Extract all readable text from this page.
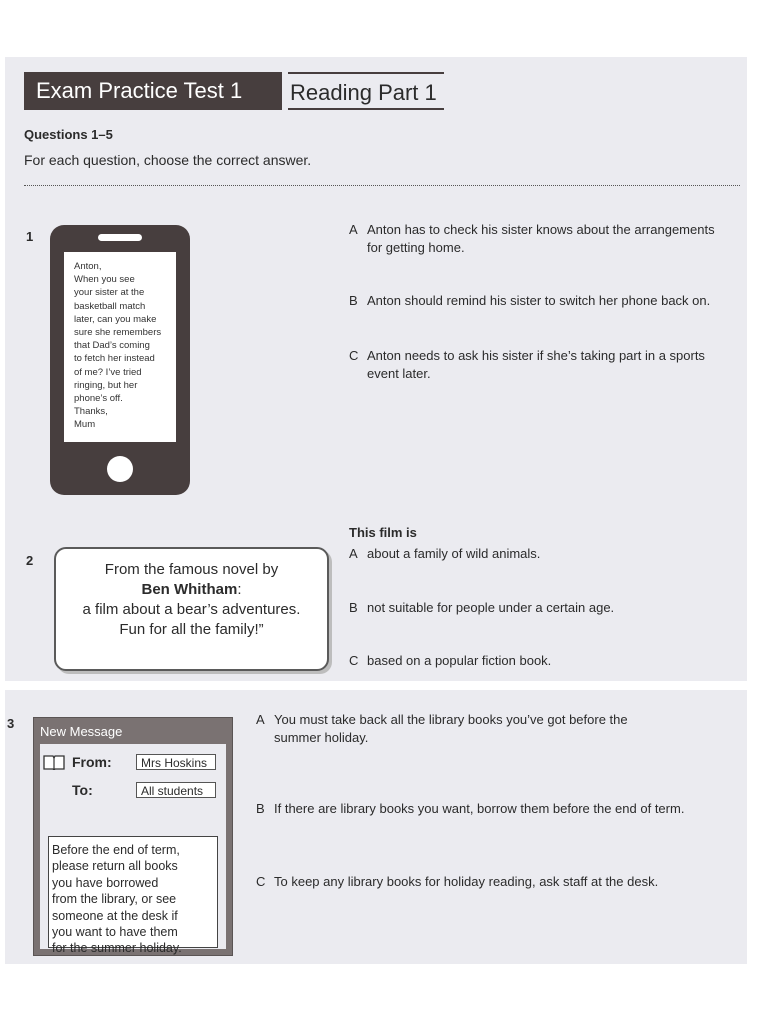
Exam Practice Test 1	Reading Part 1
Questions 1–5
For each question, choose the correct answer.
1
Anton,
When you see
your sister at the
basketball match
later, can you make
sure she remembers
that Dad’s coming
to fetch her instead
of me? I’ve tried
ringing, but her
phone’s off.
Thanks,
Mum
A Anton has to check his sister knows about the arrangements
for getting home.
B Anton should remind his sister to switch her phone back on.
C Anton needs to ask his sister if she’s taking part in a sports
event later.
2
From the famous novel by
Ben Whitham:
a film about a bear’s adventures.
Fun for all the family!”
This film is
A about a family of wild animals.
B not suitable for people under a certain age.
C based on a popular fiction book.
3
New Message
From:	Mrs Hoskins
To:	All students
Before the end of term,
please return all books
you have borrowed
from the library, or see
someone at the desk if
you want to have them
for the summer holiday.
A You must take back all the library books you’ve got before the
summer holiday.
B If there are library books you want, borrow them before the end of term.
C To keep any library books for holiday reading, ask staff at the desk.
